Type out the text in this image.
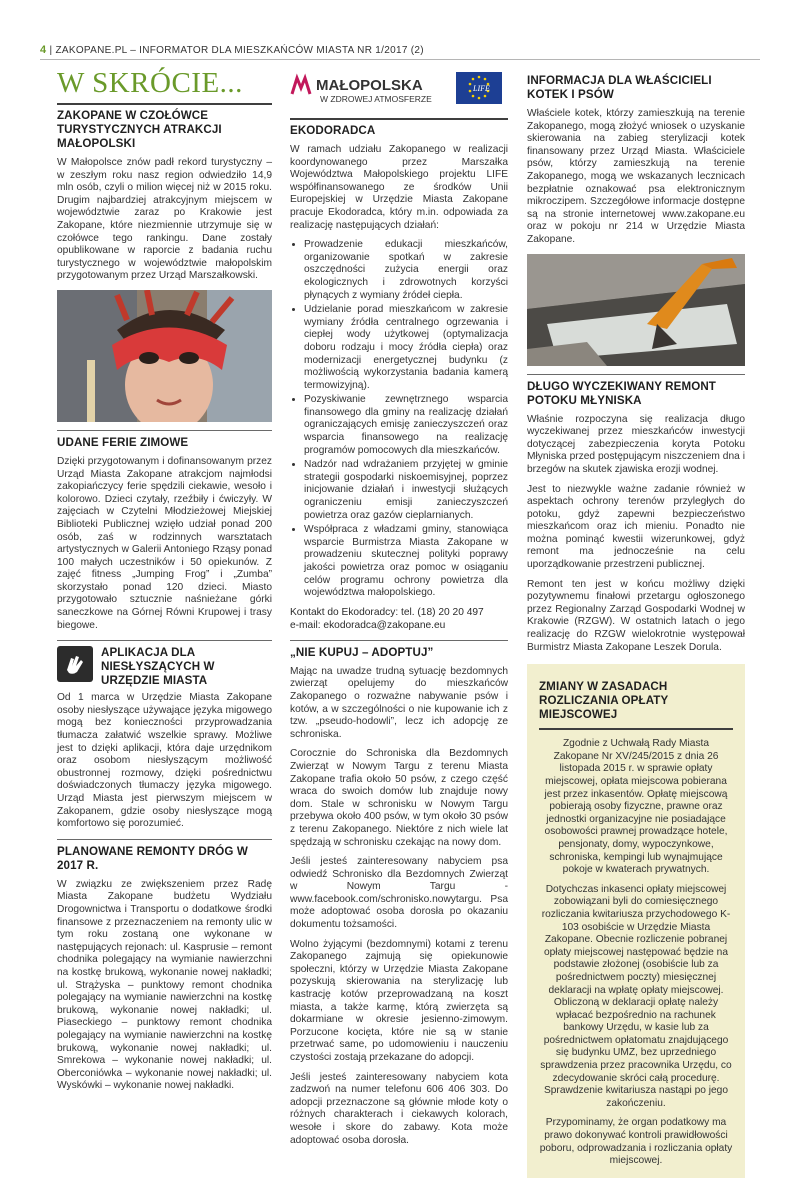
4 | ZAKOPANE.PL – INFORMATOR DLA MIESZKAŃCÓW MIASTA NR 1/2017 (2)
W SKRÓCIE...
ZAKOPANE W CZOŁÓWCE TURYSTYCZNYCH ATRAKCJI MAŁOPOLSKI

W Małopolsce znów padł rekord turystyczny – w zeszłym roku nasz region odwiedziło 14,9 mln osób, czyli o milion więcej niż w 2015 roku. Drugim najbardziej atrakcyjnym miejscem w województwie zaraz po Krakowie jest Zakopane, które niezmiennie utrzymuje się w czołówce tego rankingu. Dane zostały opublikowane w raporcie z badania ruchu turystycznego w województwie małopolskim przygotowanym przez Urząd Marszałkowski.

UDANE FERIE ZIMOWE

Dzięki przygotowanym i dofinansowanym przez Urząd Miasta Zakopane atrakcjom najmłodsi zakopiańczycy ferie spędzili ciekawie, wesoło i kolorowo. Dzieci czytały, rzeźbiły i ćwiczyły. W zajęciach w Czytelni Młodzieżowej Miejskiej Biblioteki Publicznej wzięło udział ponad 200 osób, zaś w rodzinnych warsztatach artystycznych w Galerii Antoniego Rząsy ponad 100 małych uczestników i 50 opiekunów. Z zajęć fitness „Jumping Frog” i „Zumba” skorzystało ponad 120 dzieci. Miasto przygotowało sztucznie naśnieżane górki saneczkowe na Górnej Równi Krupowej i trasy biegowe.

APLIKACJA DLA NIESŁYSZĄCYCH W URZĘDZIE MIASTA

Od 1 marca w Urzędzie Miasta Zakopane osoby niesłyszące używające języka migowego mogą bez konieczności przyprowadzania tłumacza załatwić wszelkie sprawy. Możliwe jest to dzięki aplikacji, która daje urzędnikom oraz osobom niesłyszącym możliwość obustronnej rozmowy, dzięki pośrednictwu doświadczonych tłumaczy języka migowego. Urząd Miasta jest pierwszym miejscem w Zakopanem, gdzie osoby niesłyszące mogą komfortowo się porozumieć.

PLANOWANE REMONTY DRÓG W 2017 R.

W związku ze zwiększeniem przez Radę Miasta Zakopane budżetu Wydziału Drogownictwa i Transportu o dodatkowe środki finansowe z przeznaczeniem na remonty ulic w tym roku zostaną one wykonane w następujących rejonach: ul. Kasprusie – remont chodnika polegający na wymianie nawierzchni na kostkę brukową, wykonanie nowej nakładki; ul. Strążyska – punktowy remont chodnika polegający na wymianie nawierzchni na kostkę brukową, wykonanie nowej nakładki; ul. Piaseckiego – punktowy remont chodnika polegający na wymianie nawierzchni na kostkę brukową, wykonanie nowej nakładki; ul. Smrekowa – wykonanie nowej nakładki; ul. Oberconiówka – wykonanie nowej nakładki; ul. Wyskówki – wykonanie nowej nakładki.

MAŁOPOLSKA
W ZDROWEJ ATMOSFERZE
LIFE
EKODORADCA

W ramach udziału Zakopanego w realizacji koordynowanego przez Marszałka Województwa Małopolskiego projektu LIFE współfinansowanego ze środków Unii Europejskiej w Urzędzie Miasta Zakopane pracuje Ekodoradca, który m.in. odpowiada za realizację następujących działań:

• Prowadzenie edukacji mieszkańców, organizowanie spotkań w zakresie oszczędności zużycia energii oraz ekologicznych i zdrowotnych korzyści płynących z wymiany źródeł ciepła.
• Udzielanie porad mieszkańcom w zakresie wymiany źródła centralnego ogrzewania i ciepłej wody użytkowej (optymalizacja doboru rodzaju i mocy źródła ciepła) oraz modernizacji energetycznej budynku (z możliwością wykorzystania badania kamerą termowizyjną).
• Pozyskiwanie zewnętrznego wsparcia finansowego dla gminy na realizację działań ograniczających emisję zanieczyszczeń oraz wsparcia finansowego na realizację programów pomocowych dla mieszkańców.
• Nadzór nad wdrażaniem przyjętej w gminie strategii gospodarki niskoemisyjnej, poprzez inicjowanie działań i inwestycji służących ograniczeniu emisji zanieczyszczeń powietrza oraz gazów cieplarnianych.
• Współpraca z władzami gminy, stanowiąca wsparcie Burmistrza Miasta Zakopane w prowadzeniu skutecznej polityki poprawy jakości powietrza oraz pomoc w osiąganiu celów programu ochrony powietrza dla województwa małopolskiego.
Kontakt do Ekodoradcy: tel. (18) 20 20 497
e-mail: ekodoradca@zakopane.eu
„NIE KUPUJ – ADOPTUJ”

Mając na uwadze trudną sytuację bezdomnych zwierząt opelujemy do mieszkańców Zakopanego o rozważne nabywanie psów i kotów, a w szczególności o nie kupowanie ich z tzw. „pseudo-hodowli”, lecz ich adopcję ze schroniska.

Corocznie do Schroniska dla Bezdomnych Zwierząt w Nowym Targu z terenu Miasta Zakopane trafia około 50 psów, z czego część wraca do swoich domów lub znajduje nowy dom. Stale w schronisku w Nowym Targu przebywa około 400 psów, w tym około 30 psów z terenu Zakopanego. Niektóre z nich wiele lat spędzają w schronisku czekając na nowy dom.

Jeśli jesteś zainteresowany nabyciem psa odwiedź Schronisko dla Bezdomnych Zwierząt w Nowym Targu - www.facebook.com/schronisko.nowytargu. Psa może adoptować osoba dorosła po okazaniu dokumentu tożsamości.

Wolno żyjącymi (bezdomnymi) kotami z terenu Zakopanego zajmują się opiekunowie społeczni, którzy w Urzędzie Miasta Zakopane pozyskują skierowania na sterylizację lub kastrację kotów przeprowadzaną na koszt miasta, a także karmę, którą zwierzęta są dokarmiane w okresie jesienno-zimowym. Porzucone kocięta, które nie są w stanie przetrwać same, po udomowieniu i nauczeniu czystości zostają przekazane do adopcji.

Jeśli jesteś zainteresowany nabyciem kota zadzwoń na numer telefonu 606 406 303. Do adopcji przeznaczone są głównie młode koty o różnych charakterach i ciekawych kolorach, wesołe i skore do zabawy. Kota może adoptować osoba dorosła.

INFORMACJA DLA WŁAŚCICIELI KOTEK I PSÓW

Właściele kotek, którzy zamieszkują na terenie Zakopanego, mogą złożyć wniosek o uzyskanie skierowania na zabieg sterylizacji kotek finansowany przez Urząd Miasta. Właściciele psów, którzy zamieszkują na terenie Zakopanego, mogą we wskazanych lecznicach bezpłatnie oznakować psa elektronicznym mikroczipem. Szczegółowe informacje dostępne są na stronie internetowej www.zakopane.eu oraz w pokoju nr 214 w Urzędzie Miasta Zakopane.

DŁUGO WYCZEKIWANY REMONT POTOKU MŁYNISKA

Właśnie rozpoczyna się realizacja długo wyczekiwanej przez mieszkańców inwestycji dotyczącej zabezpieczenia koryta Potoku Młyniska przed postępującym niszczeniem dna i brzegów na skutek zjawiska erozji wodnej.

Jest to niezwykle ważne zadanie również w aspektach ochrony terenów przyległych do potoku, gdyż zapewni bezpieczeństwo mieszkańcom oraz ich mieniu. Ponadto nie można pominąć kwestii wizerunkowej, gdyż remont ma jednocześnie na celu uporządkowanie przestrzeni publicznej.

Remont ten jest w końcu możliwy dzięki pozytywnemu finałowi przetargu ogłoszonego przez Regionalny Zarząd Gospodarki Wodnej w Krakowie (RZGW). W ostatnich latach o jego realizację do RZGW wielokrotnie występował Burmistrz Miasta Zakopane Leszek Dorula.

ZMIANY W ZASADACH ROZLICZANIA OPŁATY MIEJSCOWEJ

Zgodnie z Uchwałą Rady Miasta Zakopane Nr XV/245/2015 z dnia 26 listopada 2015 r. w sprawie opłaty miejscowej, opłata miejscowa pobierana jest przez inkasentów. Opłatę miejscową pobierają osoby fizyczne, prawne oraz jednostki organizacyjne nie posiadające osobowości prawnej prowadzące hotele, pensjonaty, domy, wypoczynkowe, schroniska, kempingi lub wynajmujące pokoje w kwaterach prywatnych.

Dotychczas inkasenci opłaty miejscowej zobowiązani byli do comiesięcznego rozliczania kwitariusza przychodowego K-103 osobiście w Urzędzie Miasta Zakopane. Obecnie rozliczenie pobranej opłaty miejscowej następować będzie na podstawie złożonej (osobiście lub za pośrednictwem poczty) miesięcznej deklaracji na wpłatę opłaty miejscowej. Obliczoną w deklaracji opłatę należy wpłacać bezpośrednio na rachunek bankowy Urzędu, w kasie lub za pośrednictwem opłatomatu znajdującego się budynku UMZ, bez uprzedniego sprawdzenia przez pracownika Urzędu, co zdecydowanie skróci całą procedurę. Sprawdzenie kwitariusza nastąpi po jego zakończeniu.

Przypominamy, że organ podatkowy ma prawo dokonywać kontroli prawidłowości poboru, odprowadzania i rozliczania opłaty miejscowej.
